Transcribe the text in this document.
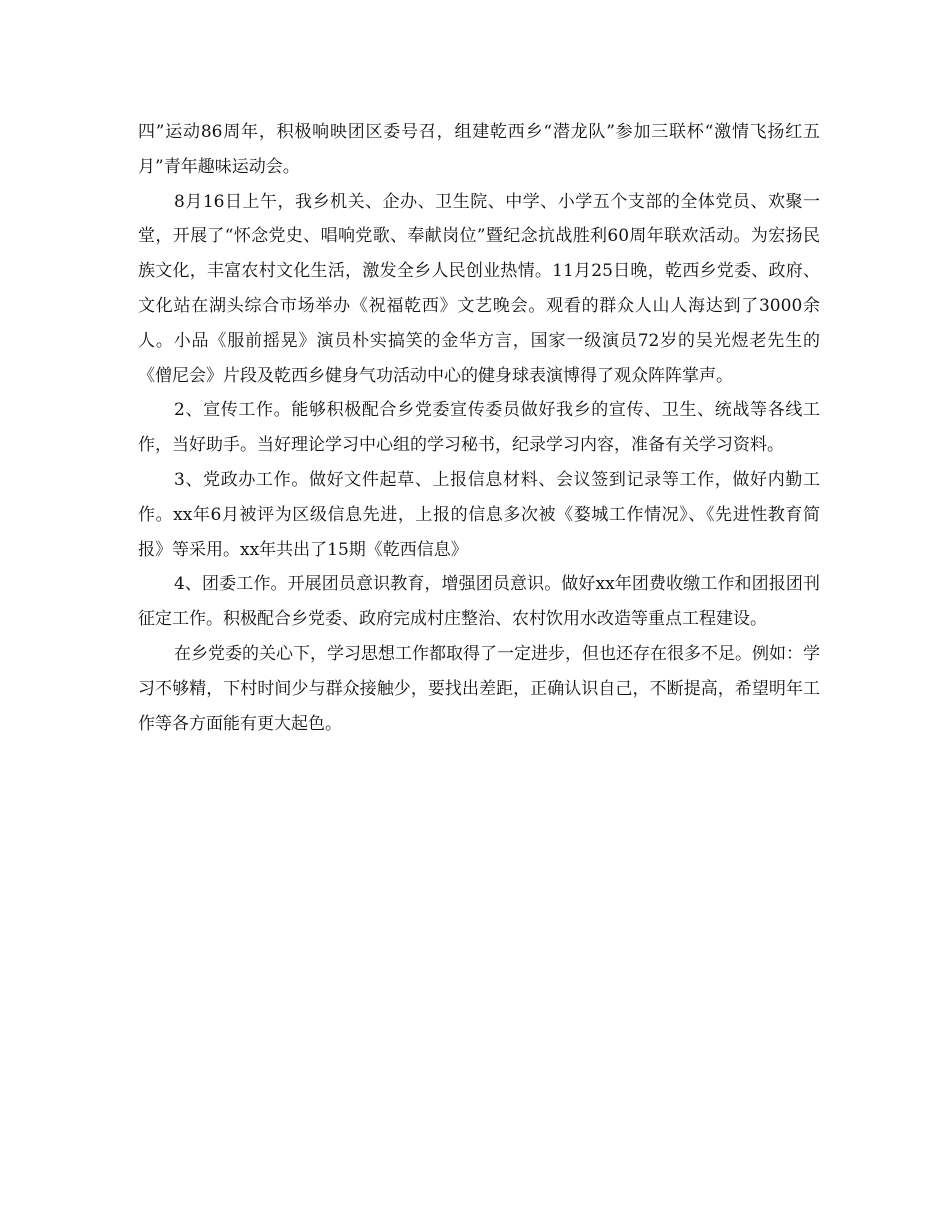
四”运动86周年，积极响映团区委号召，组建乾西乡“潜龙队”参加三联杯“激情飞扬红五月”青年趣味运动会。

8月16日上午，我乡机关、企办、卫生院、中学、小学五个支部的全体党员、欢聚一堂，开展了“怀念党史、唱响党歌、奉献岗位”暨纪念抗战胜利60周年联欢活动。为宏扬民族文化，丰富农村文化生活，激发全乡人民创业热情。11月25日晚，乾西乡党委、政府、文化站在湖头综合市场举办《祝福乾西》文艺晚会。观看的群众人山人海达到了3000余人。小品《服前摇晃》演员朴实搞笑的金华方言，国家一级演员72岁的吴光煜老先生的《僧尼会》片段及乾西乡健身气功活动中心的健身球表演博得了观众阵阵掌声。

2、宣传工作。能够积极配合乡党委宣传委员做好我乡的宣传、卫生、统战等各线工作，当好助手。当好理论学习中心组的学习秘书，纪录学习内容，准备有关学习资料。

3、党政办工作。做好文件起草、上报信息材料、会议签到记录等工作，做好内勤工作。xx年6月被评为区级信息先进，上报的信息多次被《婺城工作情况》、《先进性教育简报》等采用。xx年共出了15期《乾西信息》

4、团委工作。开展团员意识教育，增强团员意识。做好xx年团费收缴工作和团报团刊征定工作。积极配合乡党委、政府完成村庄整治、农村饮用水改造等重点工程建设。

在乡党委的关心下，学习思想工作都取得了一定进步，但也还存在很多不足。例如：学习不够精，下村时间少与群众接触少，要找出差距，正确认识自己，不断提高，希望明年工作等各方面能有更大起色。
